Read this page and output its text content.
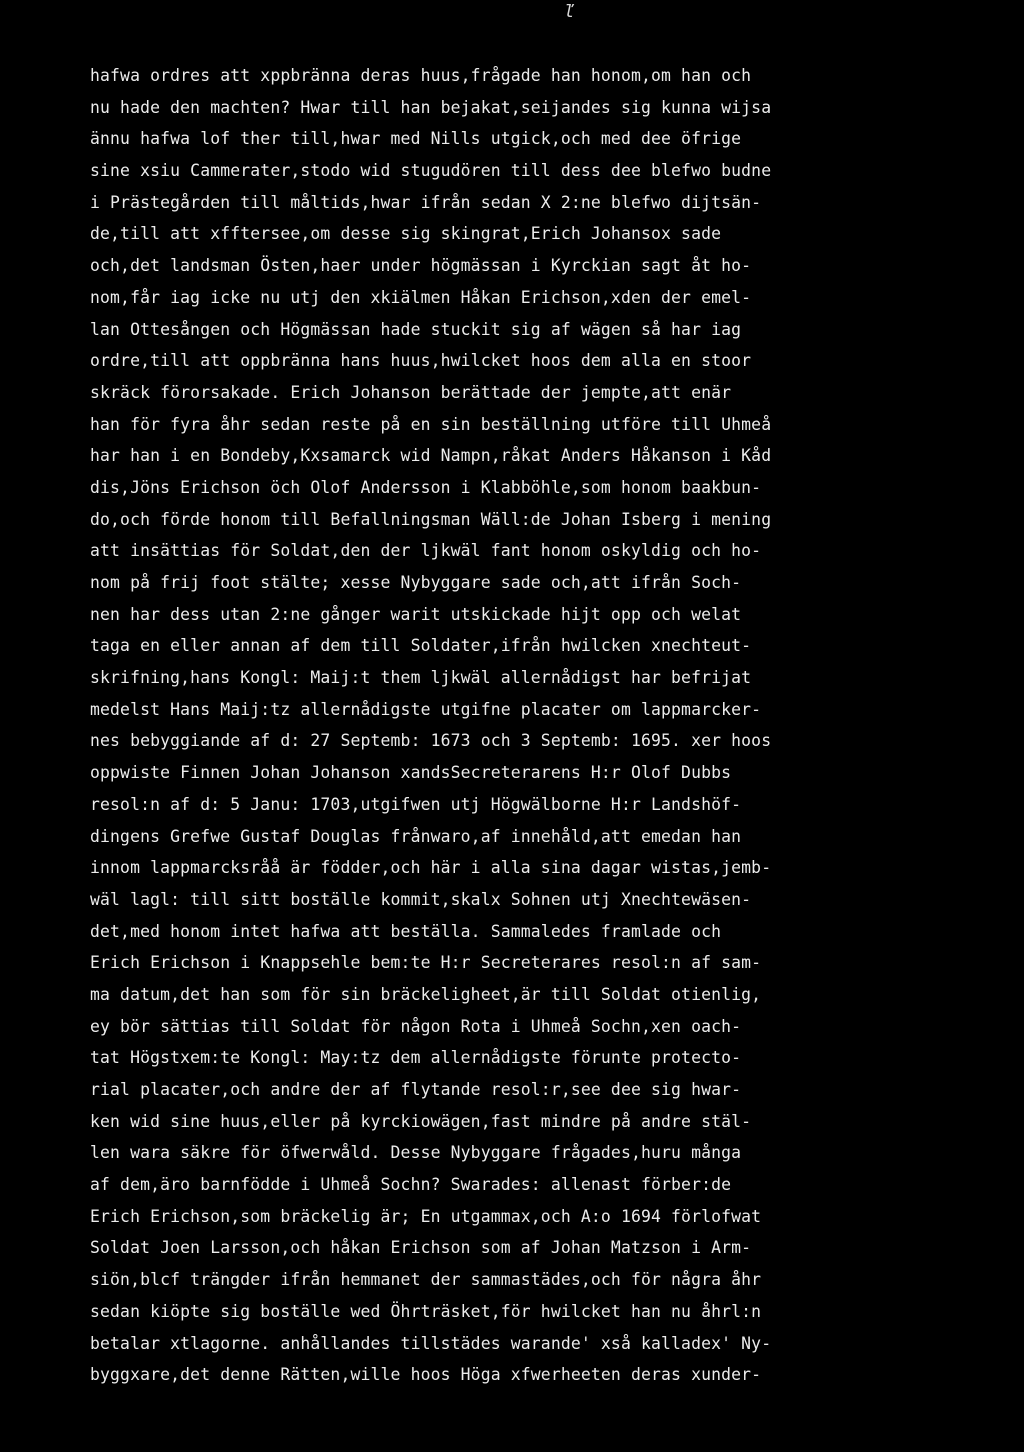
ľ
hafwa ordres att xppbränna deras huus,frågade han honom,om han och
nu hade den machten? Hwar till han bejakat,seijandes sig kunna wijsa
ännu hafwa lof ther till,hwar med Nills utgick,och med dee öfrige
sine xsiu Cammerater,stodo wid stugudören till dess dee blefwo budne
i Prästegården till måltids,hwar ifrån sedan X 2:ne blefwo dijtsän-
de,till att xfftersee,om desse sig skingrat,Erich Johansox sade
och,det landsman Östen,haer under högmässan i Kyrckian sagt åt ho-
nom,får iag icke nu utj den xkiälmen Håkan Erichson,xden der emel-
lan Ottesången och Högmässan hade stuckit sig af wägen så har iag
ordre,till att oppbränna hans huus,hwilcket hoos dem alla en stoor
skräck förorsakade. Erich Johanson berättade der jempte,att enär
han för fyra åhr sedan reste på en sin beställning utföre till Uhmeå
har han i en Bondeby,Kxsamarck wid Nampn,råkat Anders Håkanson i Kåd
dis,Jöns Erichson öch Olof Andersson i Klabböhle,som honom baakbun-
do,och förde honom till Befallningsman Wäll:de Johan Isberg i mening
att insättias för Soldat,den der ljkwäl fant honom oskyldig och ho-
nom på frij foot stälte; xesse Nybyggare sade och,att ifrån Soch-
nen har dess utan 2:ne gånger warit utskickade hijt opp och welat
taga en eller annan af dem till Soldater,ifrån hwilcken xnechteut-
skrifning,hans Kongl: Maij:t them ljkwäl allernådigst har befrijat
medelst Hans Maij:tz allernådigste utgifne placater om lappmarcker-
nes bebyggiande af d: 27 Septemb: 1673 och 3 Septemb: 1695. xer hoos
oppwiste Finnen Johan Johanson xandsSecreterarens H:r Olof Dubbs
resol:n af d: 5 Janu: 1703,utgifwen utj Högwälborne H:r Landshöf-
dingens Grefwe Gustaf Douglas frånwaro,af innehåld,att emedan han
innom lappmarcksråå är födder,och här i alla sina dagar wistas,jemb-
wäl lagl: till sitt boställe kommit,skalx Sohnen utj Xnechtewäsen-
det,med honom intet hafwa att beställa. Sammaledes framlade och
Erich Erichson i Knappsehle bem:te H:r Secreterares resol:n af sam-
ma datum,det han som för sin bräckeligheet,är till Soldat otienlig,
ey bör sättias till Soldat för någon Rota i Uhmeå Sochn,xen oach-
tat Högstxem:te Kongl: May:tz dem allernådigste förunte protecto-
rial placater,och andre der af flytande resol:r,see dee sig hwar-
ken wid sine huus,eller på kyrckiowägen,fast mindre på andre stäl-
len wara säkre för öfwerwåld. Desse Nybyggare frågades,huru många
af dem,äro barnfödde i Uhmeå Sochn? Swarades: allenast förber:de
Erich Erichson,som bräckelig är; En utgammax,och A:o 1694 förlofwat
Soldat Joen Larsson,och håkan Erichson som af Johan Matzson i Arm-
siön,blcf trängder ifrån hemmanet der sammastädes,och för några åhr
sedan kiöpte sig boställe wed Öhrträsket,för hwilcket han nu åhrl:n
betalar xtlagorne. anhållandes tillstädes warande' xså kalladex' Ny-
byggxare,det denne Rätten,wille hoos Höga xfwerheeten deras xunder-
